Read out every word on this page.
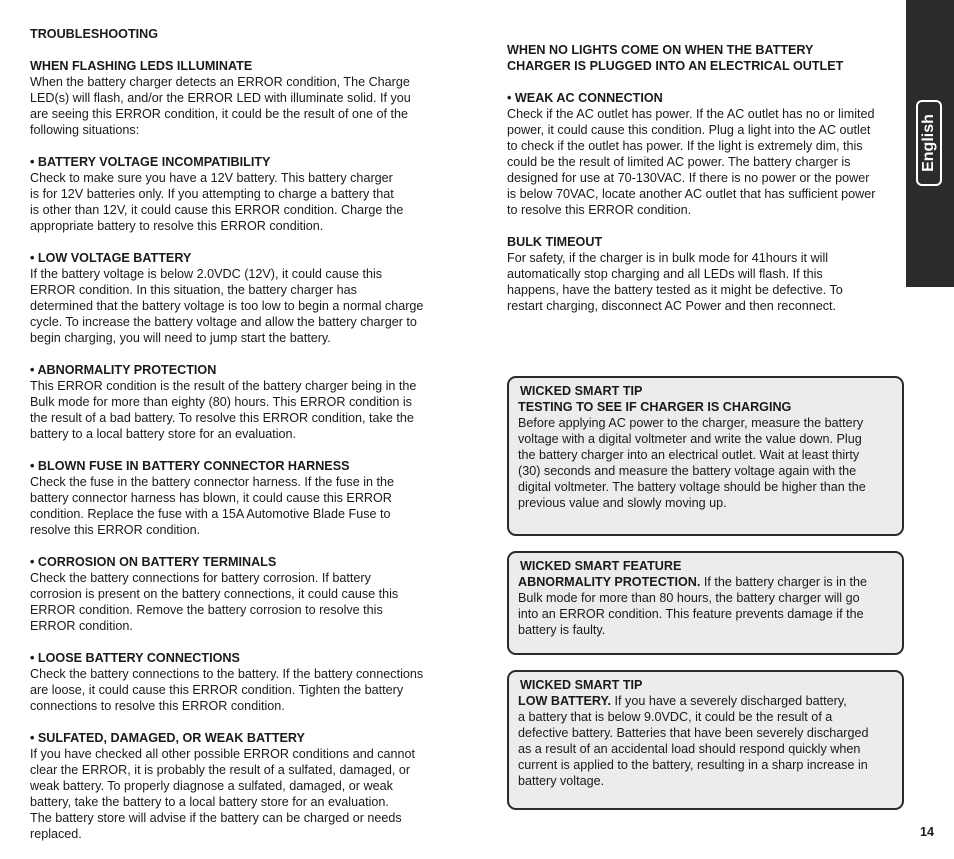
TROUBLESHOOTING

WHEN FLASHING LEDS ILLUMINATE

When the battery charger detects an ERROR condition, The Charge

LED(s) will flash, and/or the ERROR LED with illuminate solid. If you

are seeing this ERROR condition, it could be the result of one of the

following situations:

• BATTERY VOLTAGE INCOMPATIBILITY

Check to make sure you have a 12V battery. This battery charger

is for 12V batteries only. If you attempting to charge a battery that

is other than 12V, it could cause this ERROR condition. Charge the

appropriate battery to resolve this ERROR condition.

• LOW VOLTAGE BATTERY

If the battery voltage is below 2.0VDC (12V), it could cause this

ERROR condition. In this situation, the battery charger has

determined that the battery voltage is too low to begin a normal charge

cycle. To increase the battery voltage and allow the battery charger to

begin charging, you will need to jump start the battery.

• ABNORMALITY PROTECTION

This ERROR condition is the result of the battery charger being in the

Bulk mode for more than eighty (80) hours. This ERROR condition is

the result of a bad battery. To resolve this ERROR condition, take the

battery to a local battery store for an evaluation.

• BLOWN FUSE IN BATTERY CONNECTOR HARNESS

Check the fuse in the battery connector harness. If the fuse in the

battery connector harness has blown, it could cause this ERROR

condition. Replace the fuse with a 15A Automotive Blade Fuse to

resolve this ERROR condition.

• CORROSION ON BATTERY TERMINALS

Check the battery connections for battery corrosion. If battery

corrosion is present on the battery connections, it could cause this

ERROR condition. Remove the battery corrosion to resolve this

ERROR condition.

• LOOSE BATTERY CONNECTIONS

Check the battery connections to the battery. If the battery connections

are loose, it could cause this ERROR condition. Tighten the battery

connections to resolve this ERROR condition.

• SULFATED, DAMAGED, OR WEAK BATTERY

If you have checked all other possible ERROR conditions and cannot

clear the ERROR, it is probably the result of a sulfated, damaged, or

weak battery. To properly diagnose a sulfated, damaged, or weak

battery, take the battery to a local battery store for an evaluation.

The battery store will advise if the battery can be charged or needs

replaced.

WHEN NO LIGHTS COME ON WHEN THE BATTERY

CHARGER IS PLUGGED INTO AN ELECTRICAL OUTLET

• WEAK AC CONNECTION

Check if the AC outlet has power. If the AC outlet has no or limited

power, it could cause this condition. Plug a light into the AC outlet

to check if the outlet has power. If the light is extremely dim, this

could be the result of limited AC power. The battery charger is

designed for use at 70-130VAC. If there is no power or the power

is below 70VAC, locate another AC outlet that has sufficient power

to resolve this ERROR condition.

BULK TIMEOUT

For safety, if the charger is in bulk mode for 41hours it will

automatically stop charging and all LEDs will flash. If this

happens, have the battery tested as it might be defective. To

restart charging, disconnect AC Power and then reconnect.

English

WICKED SMART TIP

TESTING TO SEE IF CHARGER IS CHARGING

Before applying AC power to the charger, measure the battery

voltage with a digital voltmeter and write the value down. Plug

the battery charger into an electrical outlet. Wait at least thirty

(30) seconds and measure the battery voltage again with the

digital voltmeter. The battery voltage should be higher than the

previous value and slowly moving up.

WICKED SMART FEATURE

ABNORMALITY PROTECTION. If the battery charger is in the

Bulk mode for more than 80 hours, the battery charger will go

into an ERROR condition. This feature prevents damage if the

battery is faulty.

WICKED SMART TIP

LOW BATTERY. If you have a severely discharged battery,

a battery that is below 9.0VDC, it could be the result of a

defective battery. Batteries that have been severely discharged

as a result of an accidental load should respond quickly when

current is applied to the battery, resulting in a sharp increase in

battery voltage.

14
